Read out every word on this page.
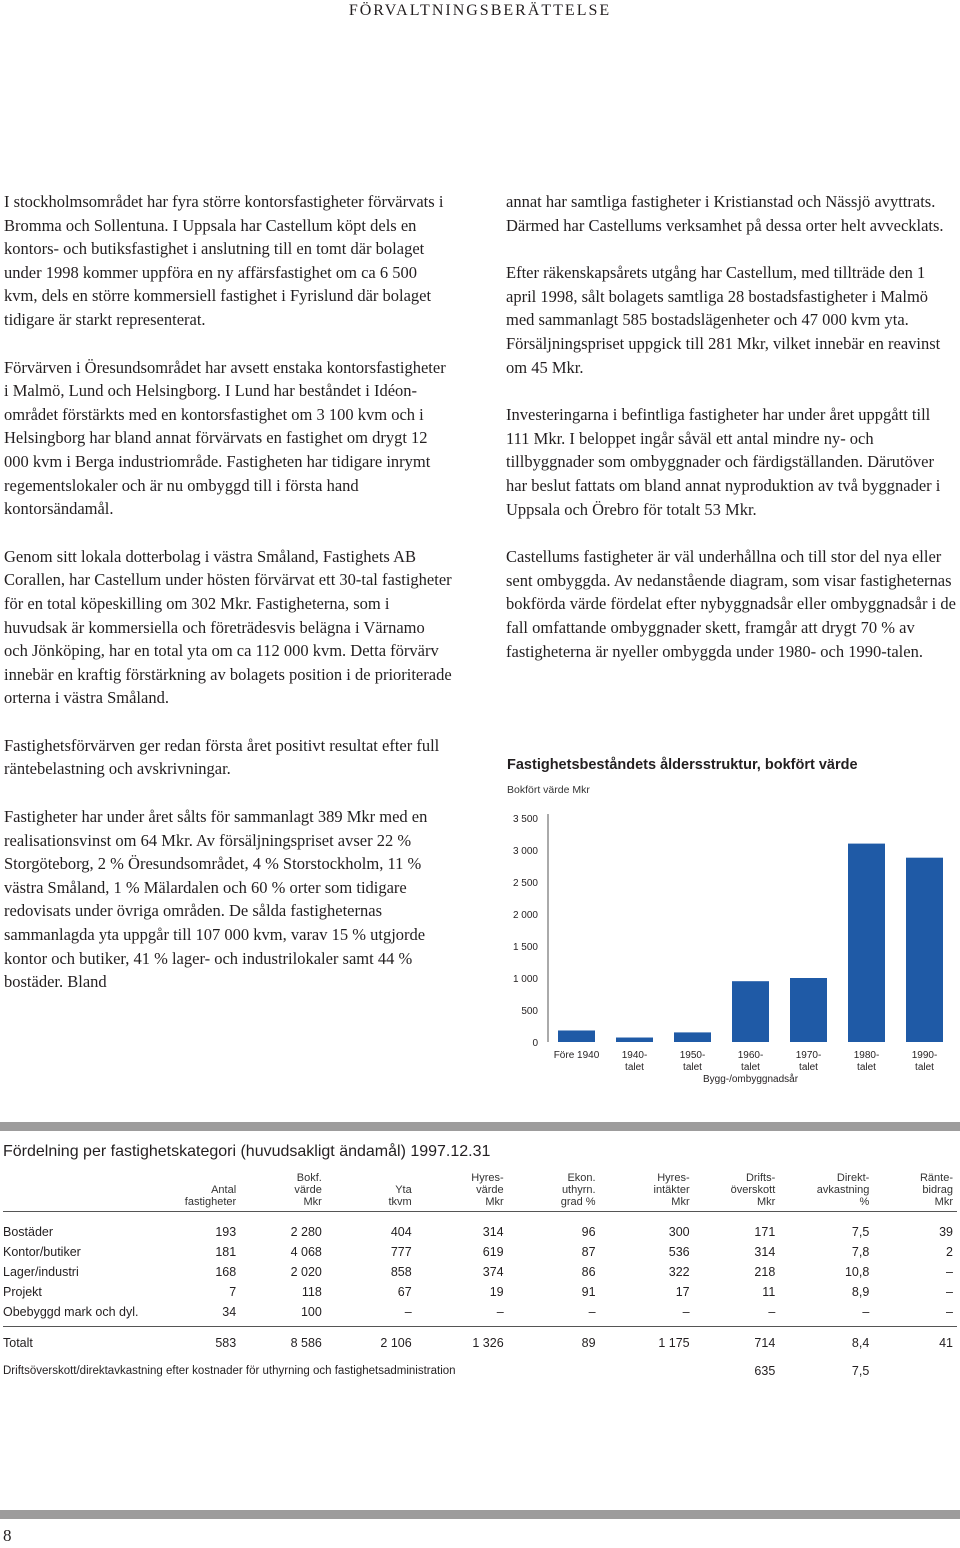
FÖRVALTNINGSBERÄTTELSE

I stockholmsområdet har fyra större kontorsfastigheter förvärvats i Bromma och Sollentuna. I Uppsala har Castellum köpt dels en kontors- och butiksfastighet i anslutning till en tomt där bolaget under 1998 kommer uppföra en ny affärsfastighet om ca 6 500 kvm, dels en större kommersiell fastighet i Fyrislund där bolaget tidigare är starkt representerat.

Förvärven i Öresundsområdet har avsett enstaka kontorsfastigheter i Malmö, Lund och Helsingborg. I Lund har beståndet i Idéon-området förstärkts med en kontorsfastighet om 3 100 kvm och i Helsingborg har bland annat förvärvats en fastighet om drygt 12 000 kvm i Berga industriområde. Fastigheten har tidigare inrymt regementslokaler och är nu ombyggd till i första hand kontorsändamål.

Genom sitt lokala dotterbolag i västra Småland, Fastighets AB Corallen, har Castellum under hösten förvärvat ett 30-tal fastigheter för en total köpeskilling om 302 Mkr. Fastigheterna, som i huvudsak är kommersiella och företrädesvis belägna i Värnamo och Jönköping, har en total yta om ca 112 000 kvm. Detta förvärv innebär en kraftig förstärkning av bolagets position i de prioriterade orterna i västra Småland.

Fastighetsförvärven ger redan första året positivt resultat efter full räntebelastning och avskrivningar.

Fastigheter har under året sålts för sammanlagt 389 Mkr med en realisationsvinst om 64 Mkr. Av försäljningspriset avser 22 % Storgöteborg, 2 % Öresundsområdet, 4 % Storstockholm, 11 % västra Småland, 1 % Mälardalen och 60 % orter som tidigare redovisats under övriga områden. De sålda fastigheternas sammanlagda yta uppgår till 107 000 kvm, varav 15 % utgjorde kontor och butiker, 41 % lager- och industrilokaler samt 44 % bostäder. Bland

annat har samtliga fastigheter i Kristianstad och Nässjö avyttrats. Därmed har Castellums verksamhet på dessa orter helt avvecklats.

Efter räkenskapsårets utgång har Castellum, med tillträde den 1 april 1998, sålt bolagets samtliga 28 bostadsfastigheter i Malmö med sammanlagt 585 bostadslägenheter och 47 000 kvm yta. Försäljningspriset uppgick till 281 Mkr, vilket innebär en reavinst om 45 Mkr.

Investeringarna i befintliga fastigheter har under året uppgått till 111 Mkr. I beloppet ingår såväl ett antal mindre ny- och tillbyggnader som ombyggnader och färdigställanden. Därutöver har beslut fattats om bland annat nyproduktion av två byggnader i Uppsala och Örebro för totalt 53 Mkr.

Castellums fastigheter är väl underhållna och till stor del nya eller sent ombyggda. Av nedanstående diagram, som visar fastigheternas bokförda värde fördelat efter nybyggnadsår eller ombyggnadsår i de fall omfattande ombyggnader skett, framgår att drygt 70 % av fastigheterna är nyeller ombyggda under 1980- och 1990-talen.

Fastighetsbeståndets åldersstruktur, bokfört värde
Bokfört värde Mkr
0
500
1 000
1 500
2 000
2 500
3 000
3 500
Före 1940 1940-
talet
1950-
talet
1960-
talet
1970-
talet
1980-
talet
1990-
talet
Bygg-/ombyggnadsår
Fördelning per fastighetskategori (huvudsakligt ändamål) 1997.12.31
	Antal
fastigheter	Bokf.
värde
Mkr	Yta
tkvm	Hyres-
värde
Mkr	Ekon.
uthyrn.
grad %	Hyres-
intäkter
Mkr	Drifts-
överskott
Mkr	Direkt-
avkastning
%	Ränte-
bidrag
Mkr
Bostäder	193	2 280	404	314	96	300	171	7,5	39
Kontor/butiker	181	4 068	777	619	87	536	314	7,8	2
Lager/industri	168	2 020	858	374	86	322	218	10,8	–
Projekt	7	118	67	19	91	17	11	8,9	–
Obebyggd mark och dyl.	34	100	–	–	–	–	–	–	–
Totalt	583	8 586	2 106	1 326	89	1 175	714	8,4	41
Driftsöverskott/direktavkastning efter kostnader för uthyrning och fastighetsadministration							635	7,5	
8
